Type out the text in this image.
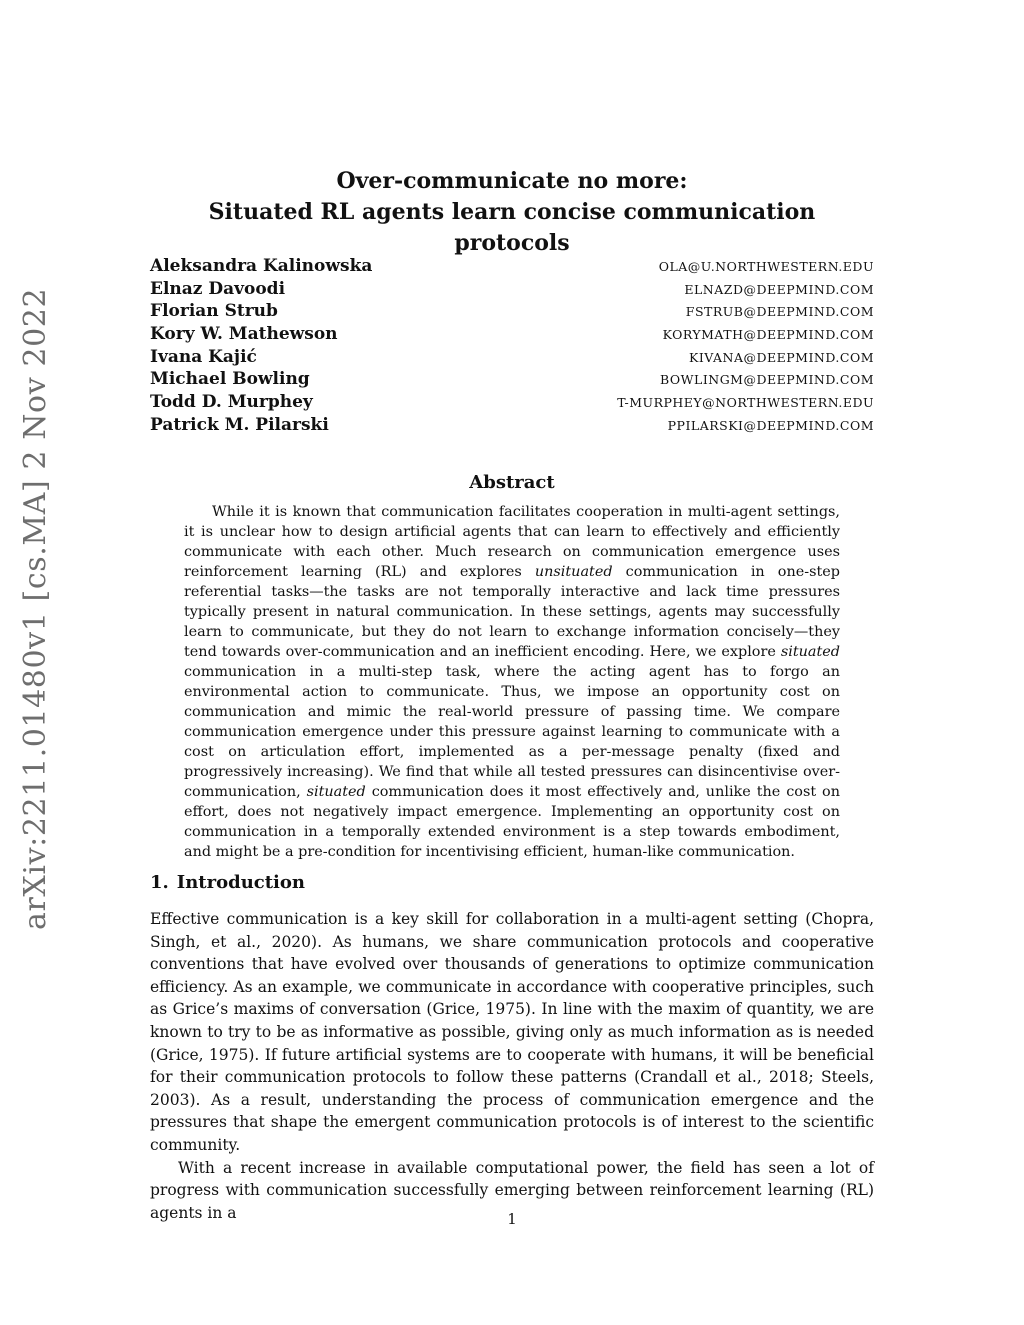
arXiv:2211.01480v1 [cs.MA] 2 Nov 2022
Over-communicate no more:
Situated RL agents learn concise communication protocols
Aleksandra Kalinowska	OLA@U.NORTHWESTERN.EDU
Elnaz Davoodi	ELNAZD@DEEPMIND.COM
Florian Strub	FSTRUB@DEEPMIND.COM
Kory W. Mathewson	KORYMATH@DEEPMIND.COM
Ivana Kajić	KIVANA@DEEPMIND.COM
Michael Bowling	BOWLINGM@DEEPMIND.COM
Todd D. Murphey	T-MURPHEY@NORTHWESTERN.EDU
Patrick M. Pilarski	PPILARSKI@DEEPMIND.COM
Abstract

While it is known that communication facilitates cooperation in multi-agent settings, it is unclear how to design artificial agents that can learn to effectively and efficiently communicate with each other. Much research on communication emergence uses reinforcement learning (RL) and explores unsituated communication in one-step referential tasks—the tasks are not temporally interactive and lack time pressures typically present in natural communication. In these settings, agents may successfully learn to communicate, but they do not learn to exchange information concisely—they tend towards over-communication and an inefficient encoding. Here, we explore situated communication in a multi-step task, where the acting agent has to forgo an environmental action to communicate. Thus, we impose an opportunity cost on communication and mimic the real-world pressure of passing time. We compare communication emergence under this pressure against learning to communicate with a cost on articulation effort, implemented as a per-message penalty (fixed and progressively increasing). We find that while all tested pressures can disincentivise over-communication, situated communication does it most effectively and, unlike the cost on effort, does not negatively impact emergence. Implementing an opportunity cost on communication in a temporally extended environment is a step towards embodiment, and might be a pre-condition for incentivising efficient, human-like communication.

1. Introduction

Effective communication is a key skill for collaboration in a multi-agent setting (Chopra, Singh, et al., 2020). As humans, we share communication protocols and cooperative conventions that have evolved over thousands of generations to optimize communication efficiency. As an example, we communicate in accordance with cooperative principles, such as Grice’s maxims of conversation (Grice, 1975). In line with the maxim of quantity, we are known to try to be as informative as possible, giving only as much information as is needed (Grice, 1975). If future artificial systems are to cooperate with humans, it will be beneficial for their communication protocols to follow these patterns (Crandall et al., 2018; Steels, 2003). As a result, understanding the process of communication emergence and the pressures that shape the emergent communication protocols is of interest to the scientific community.

With a recent increase in available computational power, the field has seen a lot of progress with communication successfully emerging between reinforcement learning (RL) agents in a	1
